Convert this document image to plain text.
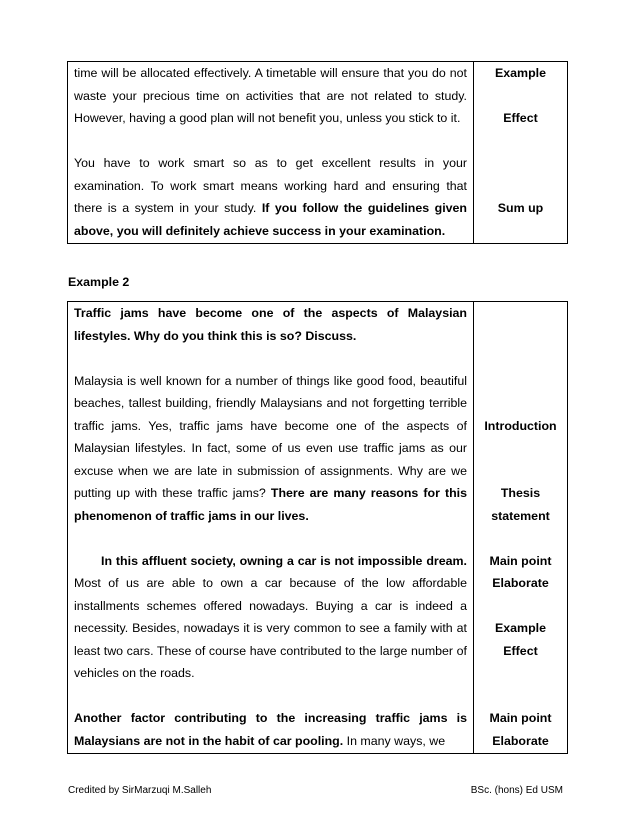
time will be allocated effectively. A timetable will ensure that you do not waste your precious time on activities that are not related to study. However, having a good plan will not benefit you, unless you stick to it.

You have to work smart so as to get excellent results in your examination. To work smart means working hard and ensuring that there is a system in your study. If you follow the guidelines given above, you will definitely achieve success in your examination.

Example
Effect
Sum up
Example 2

Traffic jams have become one of the aspects of Malaysian lifestyles. Why do you think this is so? Discuss.

Malaysia is well known for a number of things like good food, beautiful beaches, tallest building, friendly Malaysians and not forgetting terrible traffic jams. Yes, traffic jams have become one of the aspects of Malaysian lifestyles. In fact, some of us even use traffic jams as our excuse when we are late in submission of assignments. Why are we putting up with these traffic jams? There are many reasons for this phenomenon of traffic jams in our lives.

In this affluent society, owning a car is not impossible dream. Most of us are able to own a car because of the low affordable installments schemes offered nowadays. Buying a car is indeed a necessity. Besides, nowadays it is very common to see a family with at least two cars. These of course have contributed to the large number of vehicles on the roads.

Another factor contributing to the increasing traffic jams is Malaysians are not in the habit of car pooling. In many ways, we

Introduction
Thesis
statement
Main point
Elaborate
Example
Effect
Main point
Elaborate
Credited by SirMarzuqi M.Salleh	BSc. (hons) Ed USM
